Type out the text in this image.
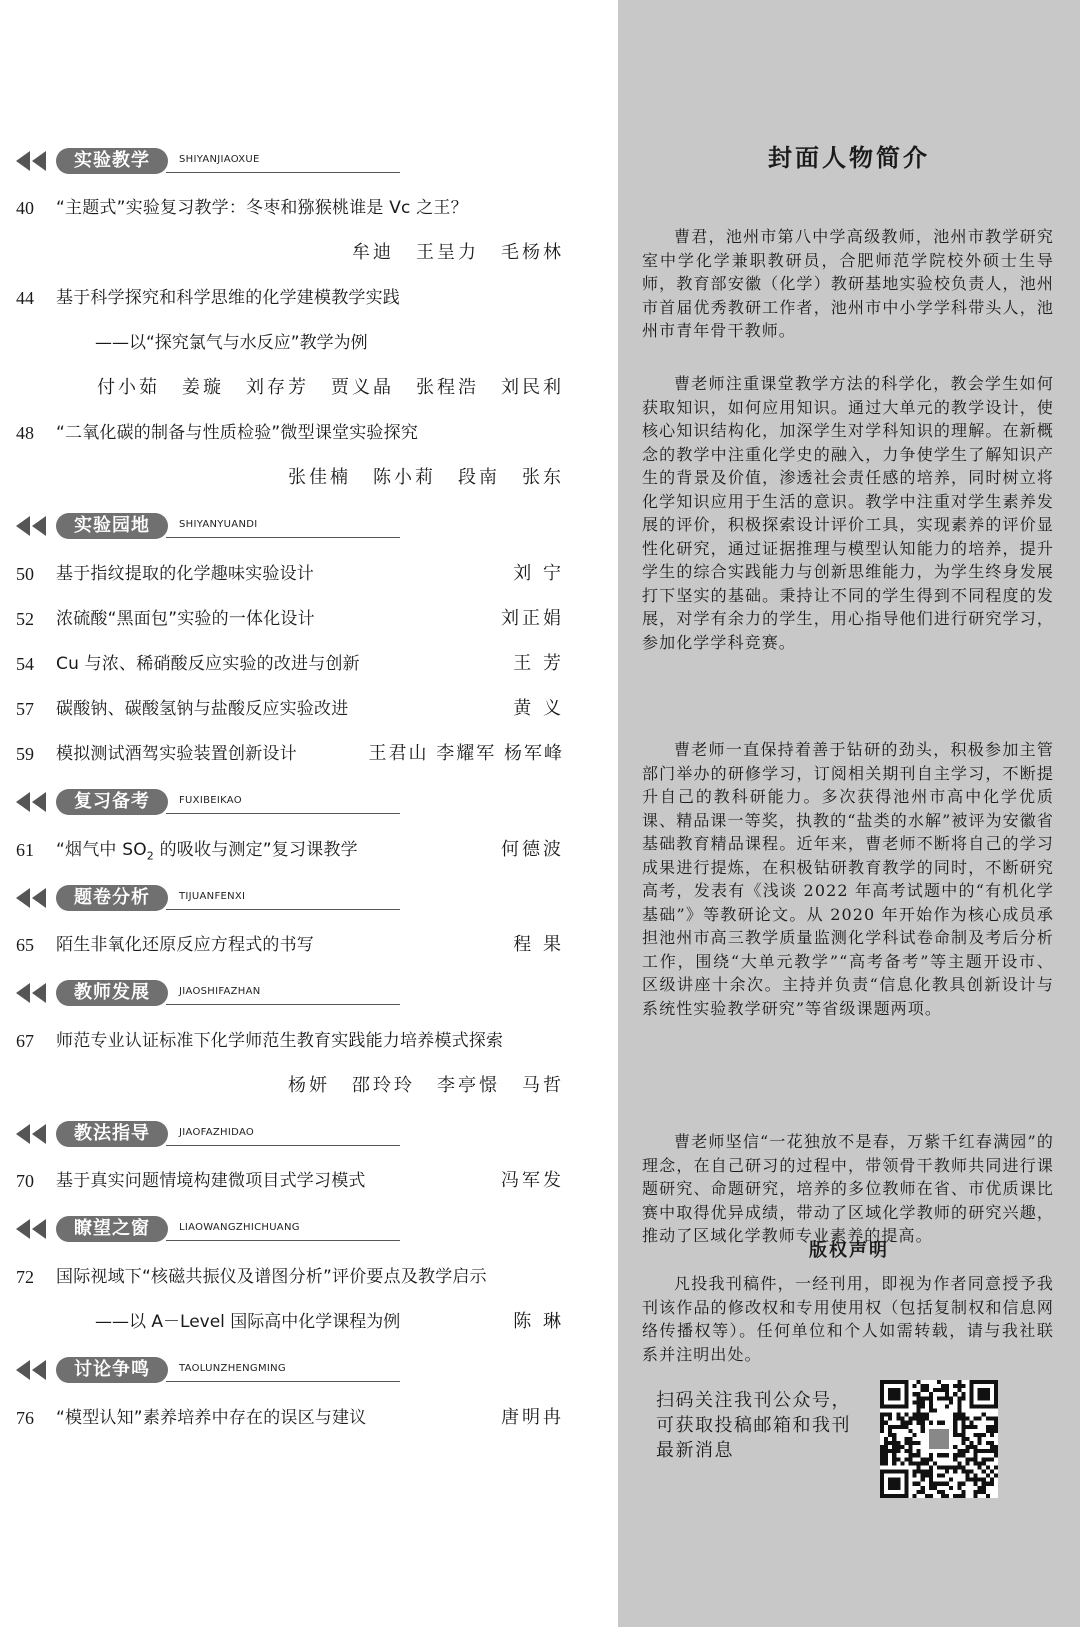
实验教学	SHIYANJIAOXUE
40	“主题式”实验复习教学：冬枣和猕猴桃谁是 Vc 之王？
牟迪 王呈力 毛杨林
44	基于科学探究和科学思维的化学建模教学实践
——以“探究氯气与水反应”教学为例
付小茹 姜璇 刘存芳 贾义晶 张程浩 刘民利
48	“二氧化碳的制备与性质检验”微型课堂实验探究
张佳楠 陈小莉 段南 张东
实验园地	SHIYANYUANDI
50	基于指纹提取的化学趣味实验设计	刘 宁
52	浓硫酸“黑面包”实验的一体化设计	刘正娟
54	Cu 与浓、稀硝酸反应实验的改进与创新	王 芳
57	碳酸钠、碳酸氢钠与盐酸反应实验改进	黄 义
59	模拟测试酒驾实验装置创新设计	王君山 李耀军 杨军峰
复习备考	FUXIBEIKAO
61	“烟气中 $SO_2$ 的吸收与测定”复习课教学	何德波
题卷分析	TIJUANFENXI
65	陌生非氧化还原反应方程式的书写	程 果
教师发展	JIAOSHIFAZHAN
67	师范专业认证标准下化学师范生教育实践能力培养模式探索
杨妍 邵玲玲 李亭憬 马哲
教法指导	JIAOFAZHIDAO
70	基于真实问题情境构建微项目式学习模式	冯军发
瞭望之窗	LIAOWANGZHICHUANG
72	国际视域下“核磁共振仪及谱图分析”评价要点及教学启示
——以 A－Level 国际高中化学课程为例	陈 琳
讨论争鸣	TAOLUNZHENGMING
76	“模型认知”素养培养中存在的误区与建议	唐明冉
封面人物简介

曹君，池州市第八中学高级教师，池州市教学研究室中学化学兼职教研员，合肥师范学院校外硕士生导师，教育部安徽（化学）教研基地实验校负责人，池州市首届优秀教研工作者，池州市中小学学科带头人，池州市青年骨干教师。

曹老师注重课堂教学方法的科学化，教会学生如何获取知识，如何应用知识。通过大单元的教学设计，使核心知识结构化，加深学生对学科知识的理解。在新概念的教学中注重化学史的融入，力争使学生了解知识产生的背景及价值，渗透社会责任感的培养，同时树立将化学知识应用于生活的意识。教学中注重对学生素养发展的评价，积极探索设计评价工具，实现素养的评价显性化研究，通过证据推理与模型认知能力的培养，提升学生的综合实践能力与创新思维能力，为学生终身发展打下坚实的基础。秉持让不同的学生得到不同程度的发展，对学有余力的学生，用心指导他们进行研究学习，参加化学学科竞赛。

曹老师一直保持着善于钻研的劲头，积极参加主管部门举办的研修学习，订阅相关期刊自主学习，不断提升自己的教科研能力。多次获得池州市高中化学优质课、精品课一等奖，执教的“盐类的水解”被评为安徽省基础教育精品课程。近年来，曹老师不断将自己的学习成果进行提炼，在积极钻研教育教学的同时，不断研究高考，发表有《浅谈 2022 年高考试题中的“有机化学基础”》等教研论文。从 2020 年开始作为核心成员承担池州市高三教学质量监测化学科试卷命制及考后分析工作，围绕“大单元教学”“高考备考”等主题开设市、区级讲座十余次。主持并负责“信息化教具创新设计与系统性实验教学研究”等省级课题两项。

曹老师坚信“一花独放不是春，万紫千红春满园”的理念，在自己研习的过程中，带领骨干教师共同进行课题研究、命题研究，培养的多位教师在省、市优质课比赛中取得优异成绩，带动了区域化学教师的研究兴趣，推动了区域化学教师专业素养的提高。

版权声明

凡投我刊稿件，一经刊用，即视为作者同意授予我刊该作品的修改权和专用使用权（包括复制权和信息网络传播权等）。任何单位和个人如需转载，请与我社联系并注明出处。

扫码关注我刊公众号，可获取投稿邮箱和我刊最新消息
